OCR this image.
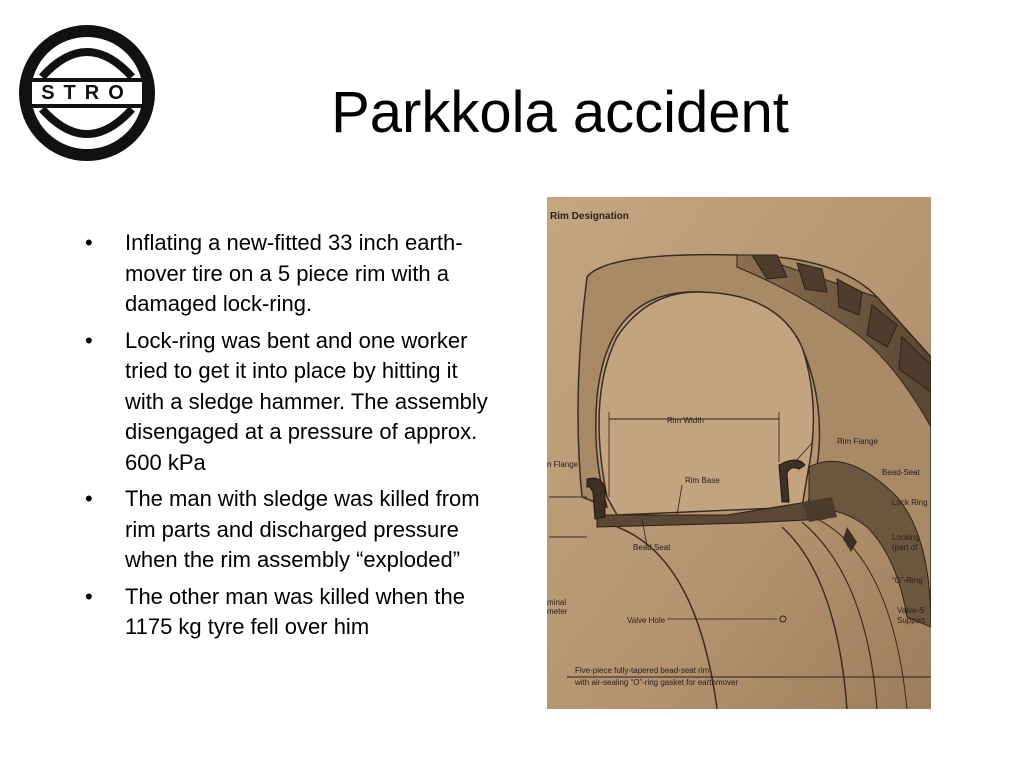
STRO	Parkkola accident
• Inflating a new-fitted 33 inch earth-mover tire on a 5 piece rim with a damaged lock-ring.
• Lock-ring was bent and one worker tried to get it into place by hitting it with a sledge hammer. The assembly disengaged at a pressure of approx. 600 kPa
• The man with sledge was killed from rim parts and discharged pressure when the rim assembly “exploded”
• The other man was killed when the 1175 kg tyre fell over him
Rim Designation
Rim Width
Rim Base
Rim Flange
n Flange
Bead Seat
Bead-Seat
Lock Ring
Locking
(part of
“O”-Ring
Valve-S
Support
Valve Hole
minal
meter
Five-piece fully-tapered bead-seat rim
with air-sealing “O”-ring gasket for earthmover
